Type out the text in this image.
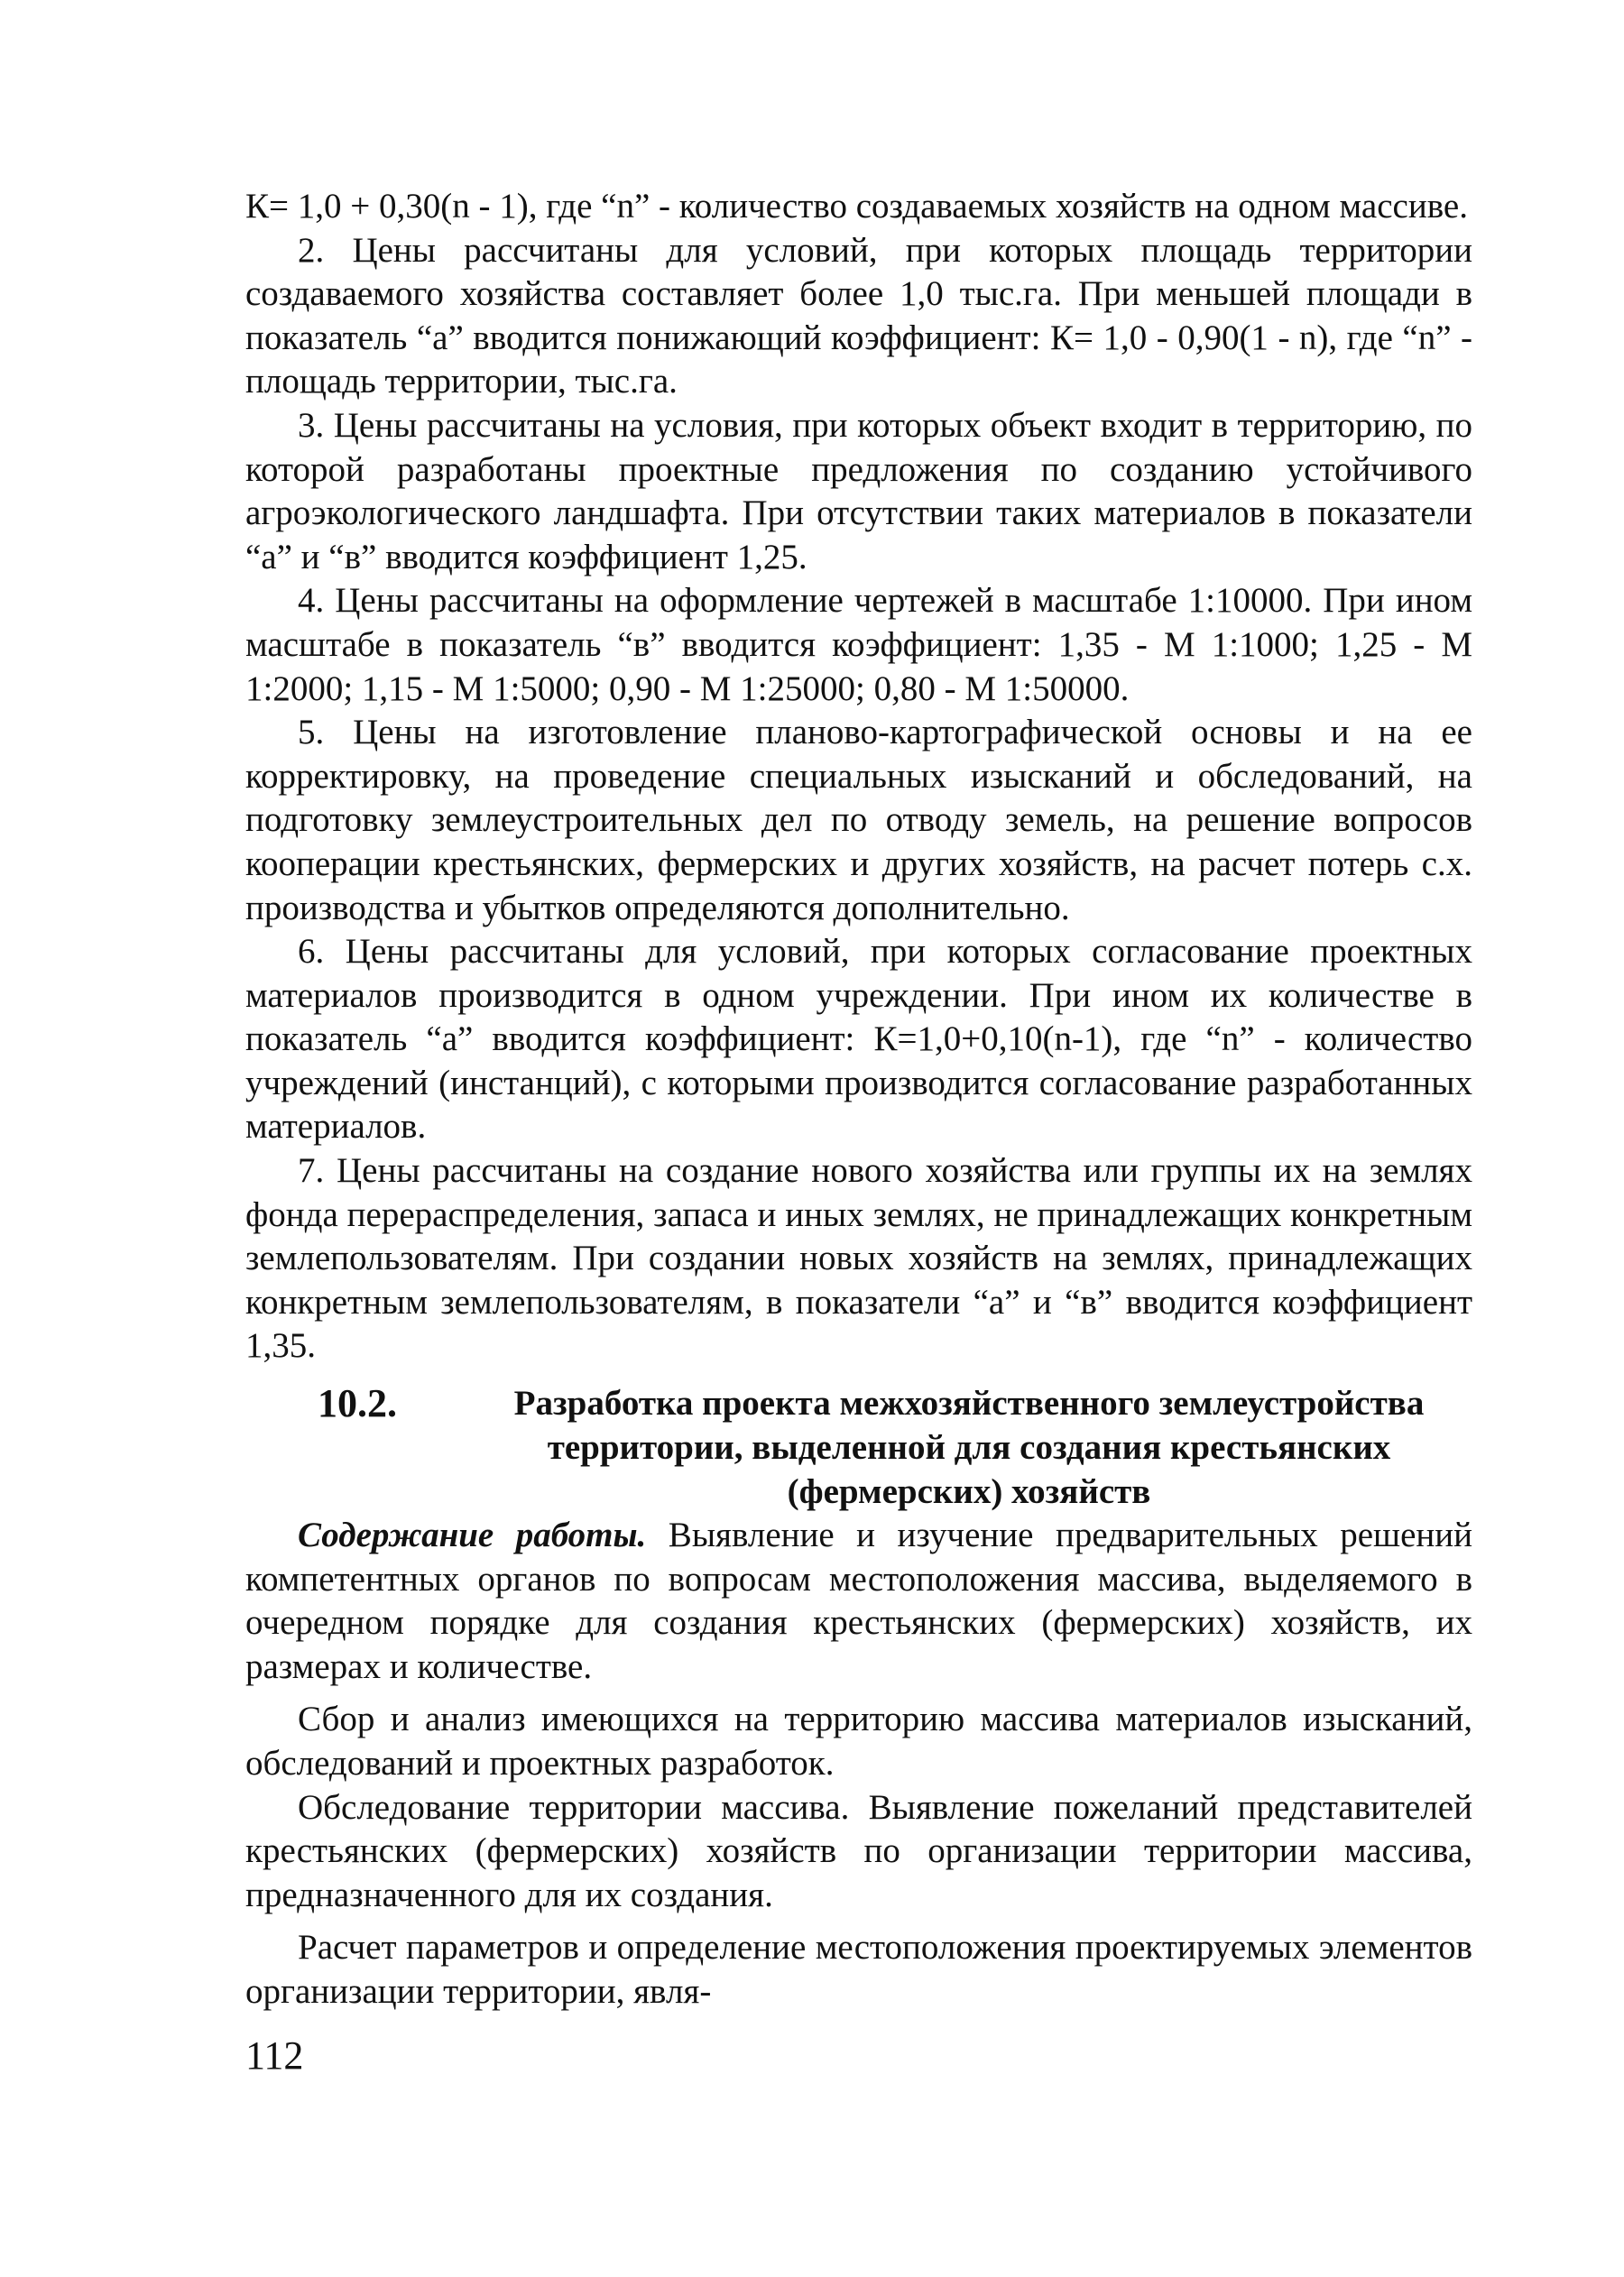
К= 1,0 + 0,30(n - 1), где “n” - количество создаваемых хозяйств на одном массиве.

2. Цены рассчитаны для условий, при которых площадь территории создаваемого хозяйства составляет более 1,0 тыс.га. При меньшей площади в показатель “а” вводится понижающий коэффициент: К= 1,0 - 0,90(1 - n), где “n” - площадь территории, тыс.га.

3. Цены рассчитаны на условия, при которых объект входит в территорию, по которой разработаны проектные предложения по созданию устойчивого агроэкологического ландшафта. При отсутствии таких материалов в показатели “а” и “в” вводится коэффициент 1,25.

4. Цены рассчитаны на оформление чертежей в масштабе 1:10000. При ином масштабе в показатель “в” вводится коэффициент: 1,35 - М 1:1000; 1,25 - М 1:2000; 1,15 - М 1:5000; 0,90 - М 1:25000; 0,80 - М 1:50000.

5. Цены на изготовление планово-картографической основы и на ее корректировку, на проведение специальных изысканий и обследований, на подготовку землеустроительных дел по отводу земель, на решение вопросов кооперации крестьянских, фермерских и других хозяйств, на расчет потерь с.х. производства и убытков определяются дополнительно.

6. Цены рассчитаны для условий, при которых согласование проектных материалов производится в одном учреждении. При ином их количестве в показатель “а” вводится коэффициент: К=1,0+0,10(n-1), где “n” - количество учреждений (инстанций), с которыми производится согласование разработанных материалов.

7. Цены рассчитаны на создание нового хозяйства или группы их на землях фонда перераспределения, запаса и иных землях, не принадлежащих конкретным землепользователям. При создании новых хозяйств на землях, принадлежащих конкретным землепользователям, в показатели “а” и “в” вводится коэффициент 1,35.

10.2.	Разработка проекта межхозяйственного землеустройства территории, выделенной для создания крестьянских (фермерских) хозяйств

Содержание работы. Выявление и изучение предварительных решений компетентных органов по вопросам местоположения массива, выделяемого в очередном порядке для создания крестьянских (фермерских) хозяйств, их размерах и количестве.

Сбор и анализ имеющихся на территорию массива материалов изысканий, обследований и проектных разработок.

Обследование территории массива. Выявление пожеланий представителей крестьянских (фермерских) хозяйств по организации территории массива, предназначенного для их создания.

Расчет параметров и определение местоположения проектируемых элементов организации территории, явля-

112
